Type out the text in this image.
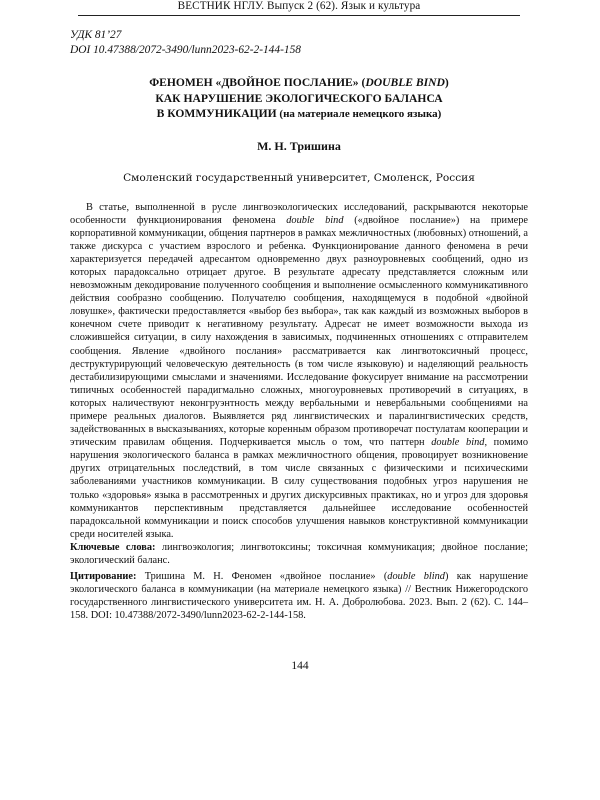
ВЕСТНИК НГЛУ. Выпуск 2 (62). Язык и культура
УДК 81’27
DOI 10.47388/2072-3490/lunn2023-62-2-144-158
ФЕНОМЕН «ДВОЙНОЕ ПОСЛАНИЕ» (DOUBLE BIND)
КАК НАРУШЕНИЕ ЭКОЛОГИЧЕСКОГО БАЛАНСА
В КОММУНИКАЦИИ (на материале немецкого языка)
М. Н. Тришина
Смоленский государственный университет, Смоленск, Россия

В статье, выполненной в русле лингвоэкологических исследований, раскрываются некоторые особенности функционирования феномена double bind («двойное послание») на примере корпоративной коммуникации, общения партнеров в рамках межличностных (любовных) отношений, а также дискурса с участием взрослого и ребенка. Функционирование данного феномена в речи характеризуется передачей адресантом одновременно двух разноуровневых сообщений, одно из которых парадоксально отрицает другое. В результате адресату представляется сложным или невозможным декодирование полученного сообщения и выполнение осмысленного коммуникативного действия сообразно сообщению. Получателю сообщения, находящемуся в подобной «двойной ловушке», фактически предоставляется «выбор без выбора», так как каждый из возможных выборов в конечном счете приводит к негативному результату. Адресат не имеет возможности выхода из сложившейся ситуации, в силу нахождения в зависимых, подчиненных отношениях с отправителем сообщения. Явление «двойного послания» рассматривается как лингвотоксичный процесс, деструктурирующий человеческую деятельность (в том числе языковую) и наделяющий реальность дестабилизирующими смыслами и значениями. Исследование фокусирует внимание на рассмотрении типичных особенностей парадигмально сложных, многоуровневых противоречий в ситуациях, в которых наличествуют неконгруэнтность между вербальными и невербальными сообщениями на примере реальных диалогов. Выявляется ряд лингвистических и паралингвистических средств, задействованных в высказываниях, которые коренным образом противоречат постулатам кооперации и этическим правилам общения. Подчеркивается мысль о том, что паттерн double bind, помимо нарушения экологического баланса в рамках межличностного общения, провоцирует возникновение других отрицательных последствий, в том числе связанных с физическими и психическими заболеваниями участников коммуникации. В силу существования подобных угроз нарушения не только «здоровья» языка в рассмотренных и других дискурсивных практиках, но и угроз для здоровья коммуникантов перспективным представляется дальнейшее исследование особенностей парадоксальной коммуникации и поиск способов улучшения навыков конструктивной коммуникации среди носителей языка.

Ключевые слова: лингвоэкология; лингвотоксины; токсичная коммуникация; двойное послание; экологический баланс.

Цитирование: Тришина М. Н. Феномен «двойное послание» (double blind) как нарушение экологического баланса в коммуникации (на материале немецкого языка) // Вестник Нижегородского государственного лингвистического университета им. Н. А. Добролюбова. 2023. Вып. 2 (62). С. 144–158. DOI: 10.47388/2072-3490/lunn2023-62-2-144-158.

144
